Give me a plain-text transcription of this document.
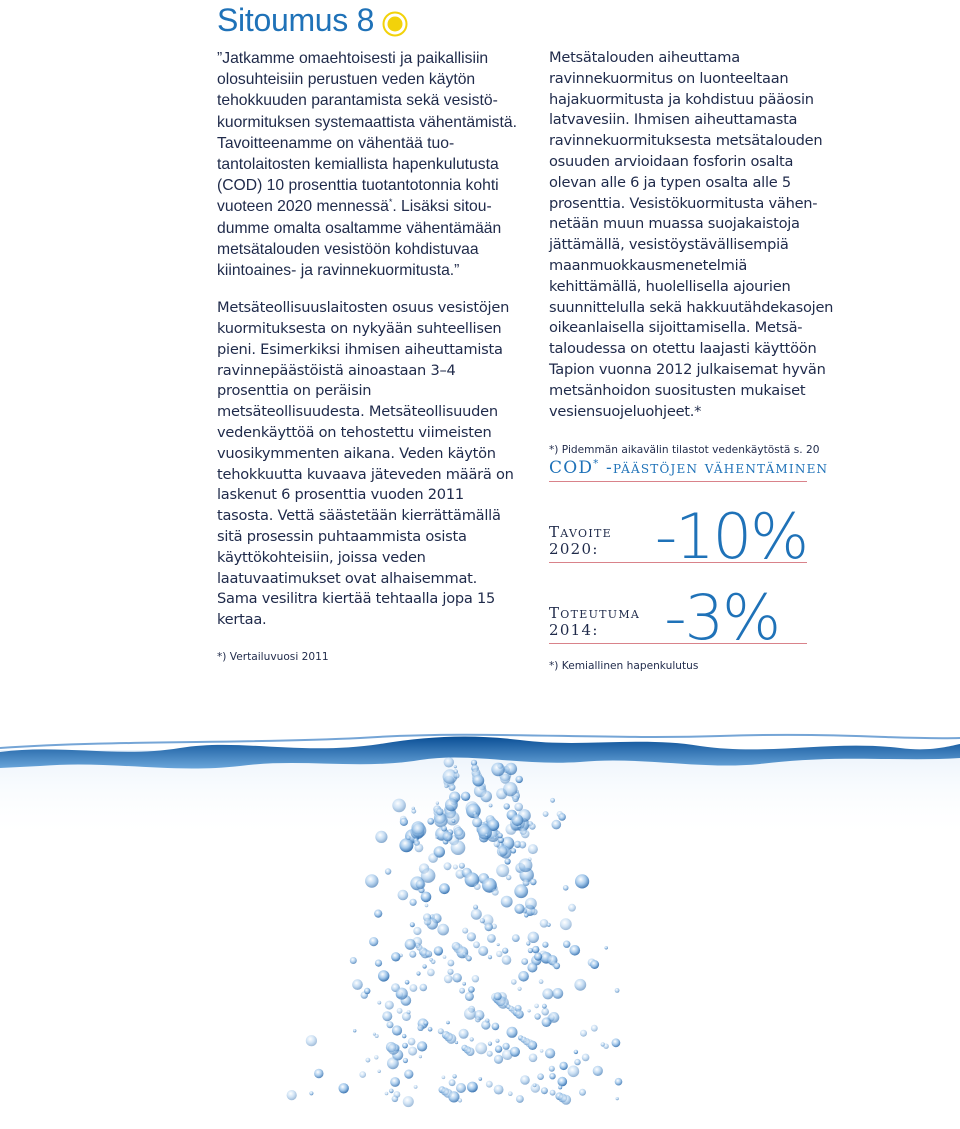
Sitoumus 8

”Jatkamme omaehtoisesti ja paikallisiin olosuhteisiin perustuen veden käytön tehokkuuden parantamista sekä vesistökuormituksen systemaattista vähentämistä. Tavoitteenamme on vähentää tuotantolaitosten kemiallista hapenkulutusta (COD) 10 prosenttia tuotantotonnia kohti vuoteen 2020 mennessä*. Lisäksi sitoudumme omalta osaltamme vähentämään metsätalouden vesistöön kohdistuvaa kiintoaines- ja ravinnekuormitusta.”

Metsäteollisuuslaitosten osuus vesistöjen kuormituksesta on nykyään suhteellisen pieni. Esimerkiksi ihmisen aiheuttamista ravinnepäästöistä ainoastaan 3–4 prosenttia on peräisin metsäteollisuudesta. Metsäteollisuuden vedenkäyttöä on tehostettu viimeisten vuosikymmenten aikana. Veden käytön tehokkuutta kuvaava jäteveden määrä on laskenut 6 prosenttia vuoden 2011 tasosta. Vettä säästetään kierrättämällä sitä prosessin puhtaammista osista käyttökohteisiin, joissa veden laatuvaatimukset ovat alhaisemmat. Sama vesilitra kiertää tehtaalla jopa 15 kertaa.

*) Vertailuvuosi 2011

Metsätalouden aiheuttama ravinnekuormitus on luonteeltaan hajakuormitusta ja kohdistuu pääosin latvavesiin. Ihmisen aiheuttamasta ravinnekuormituksesta metsätalouden osuuden arvioidaan fosforin osalta olevan alle 6 ja typen osalta alle 5 prosenttia. Vesistökuormitusta vähennetään muun muassa suojakaistoja jättämällä, vesistöystävällisempiä maanmuokkausmenetelmiä kehittämällä, huolellisella ajourien suunnittelulla sekä hakkuutähdekasojen oikeanlaisella sijoittamisella. Metsätaloudessa on otettu laajasti käyttöön Tapion vuonna 2012 julkaisemat hyvän metsänhoidon suositusten mukaiset vesiensuojeluohjeet.*

*) Pidemmän aikavälin tilastot vedenkäytöstä s. 20
COD* -päästöjen vähentäminen
Tavoite
2020: -10%
Toteutuma
2014:	-3%
*) Kemiallinen hapenkulutus
